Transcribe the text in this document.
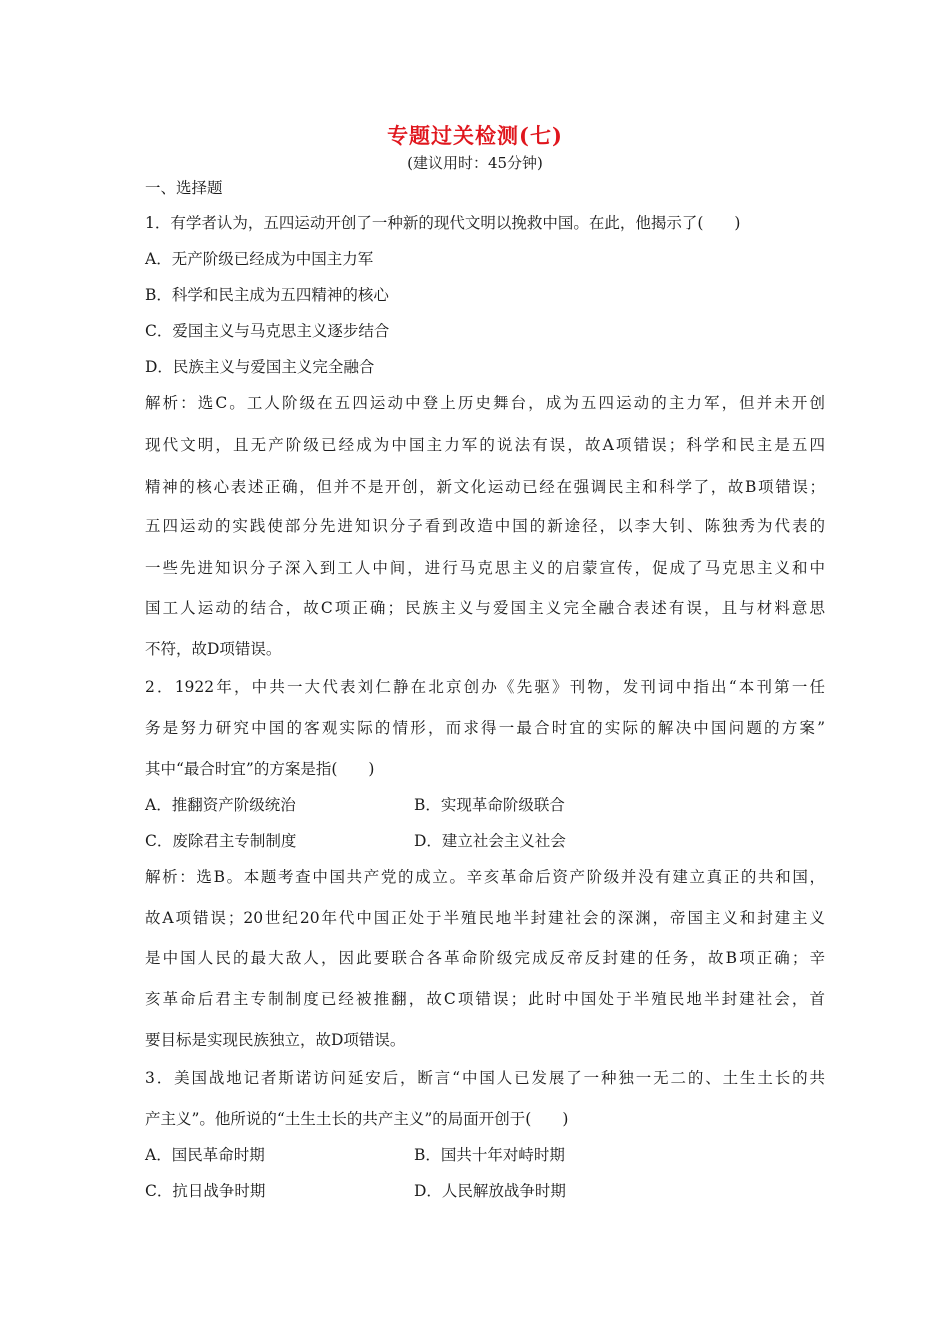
专题过关检测(七)
(建议用时：45分钟)
一、选择题
1．有学者认为，五四运动开创了一种新的现代文明以挽救中国。在此，他揭示了(　　)
A．无产阶级已经成为中国主力军
B．科学和民主成为五四精神的核心
C．爱国主义与马克思主义逐步结合
D．民族主义与爱国主义完全融合
解析：选C。工人阶级在五四运动中登上历史舞台，成为五四运动的主力军，但并未开创
现代文明，且无产阶级已经成为中国主力军的说法有误，故A项错误；科学和民主是五四
精神的核心表述正确，但并不是开创，新文化运动已经在强调民主和科学了，故B项错误；
五四运动的实践使部分先进知识分子看到改造中国的新途径，以李大钊、陈独秀为代表的
一些先进知识分子深入到工人中间，进行马克思主义的启蒙宣传，促成了马克思主义和中
国工人运动的结合，故C项正确；民族主义与爱国主义完全融合表述有误，且与材料意思
不符，故D项错误。
2．1922年，中共一大代表刘仁静在北京创办《先驱》刊物，发刊词中指出“本刊第一任
务是努力研究中国的客观实际的情形，而求得一最合时宜的实际的解决中国问题的方案”
其中“最合时宜”的方案是指(　　)
A．推翻资产阶级统治	B．实现革命阶级联合
C．废除君主专制制度	D．建立社会主义社会
解析：选B。本题考查中国共产党的成立。辛亥革命后资产阶级并没有建立真正的共和国，
故A项错误；20世纪20年代中国正处于半殖民地半封建社会的深渊，帝国主义和封建主义
是中国人民的最大敌人，因此要联合各革命阶级完成反帝反封建的任务，故B项正确；辛
亥革命后君主专制制度已经被推翻，故C项错误；此时中国处于半殖民地半封建社会，首
要目标是实现民族独立，故D项错误。
3．美国战地记者斯诺访问延安后，断言“中国人已发展了一种独一无二的、土生土长的共
产主义”。他所说的“土生土长的共产主义”的局面开创于(　　)
A．国民革命时期	B．国共十年对峙时期
C．抗日战争时期	D．人民解放战争时期
